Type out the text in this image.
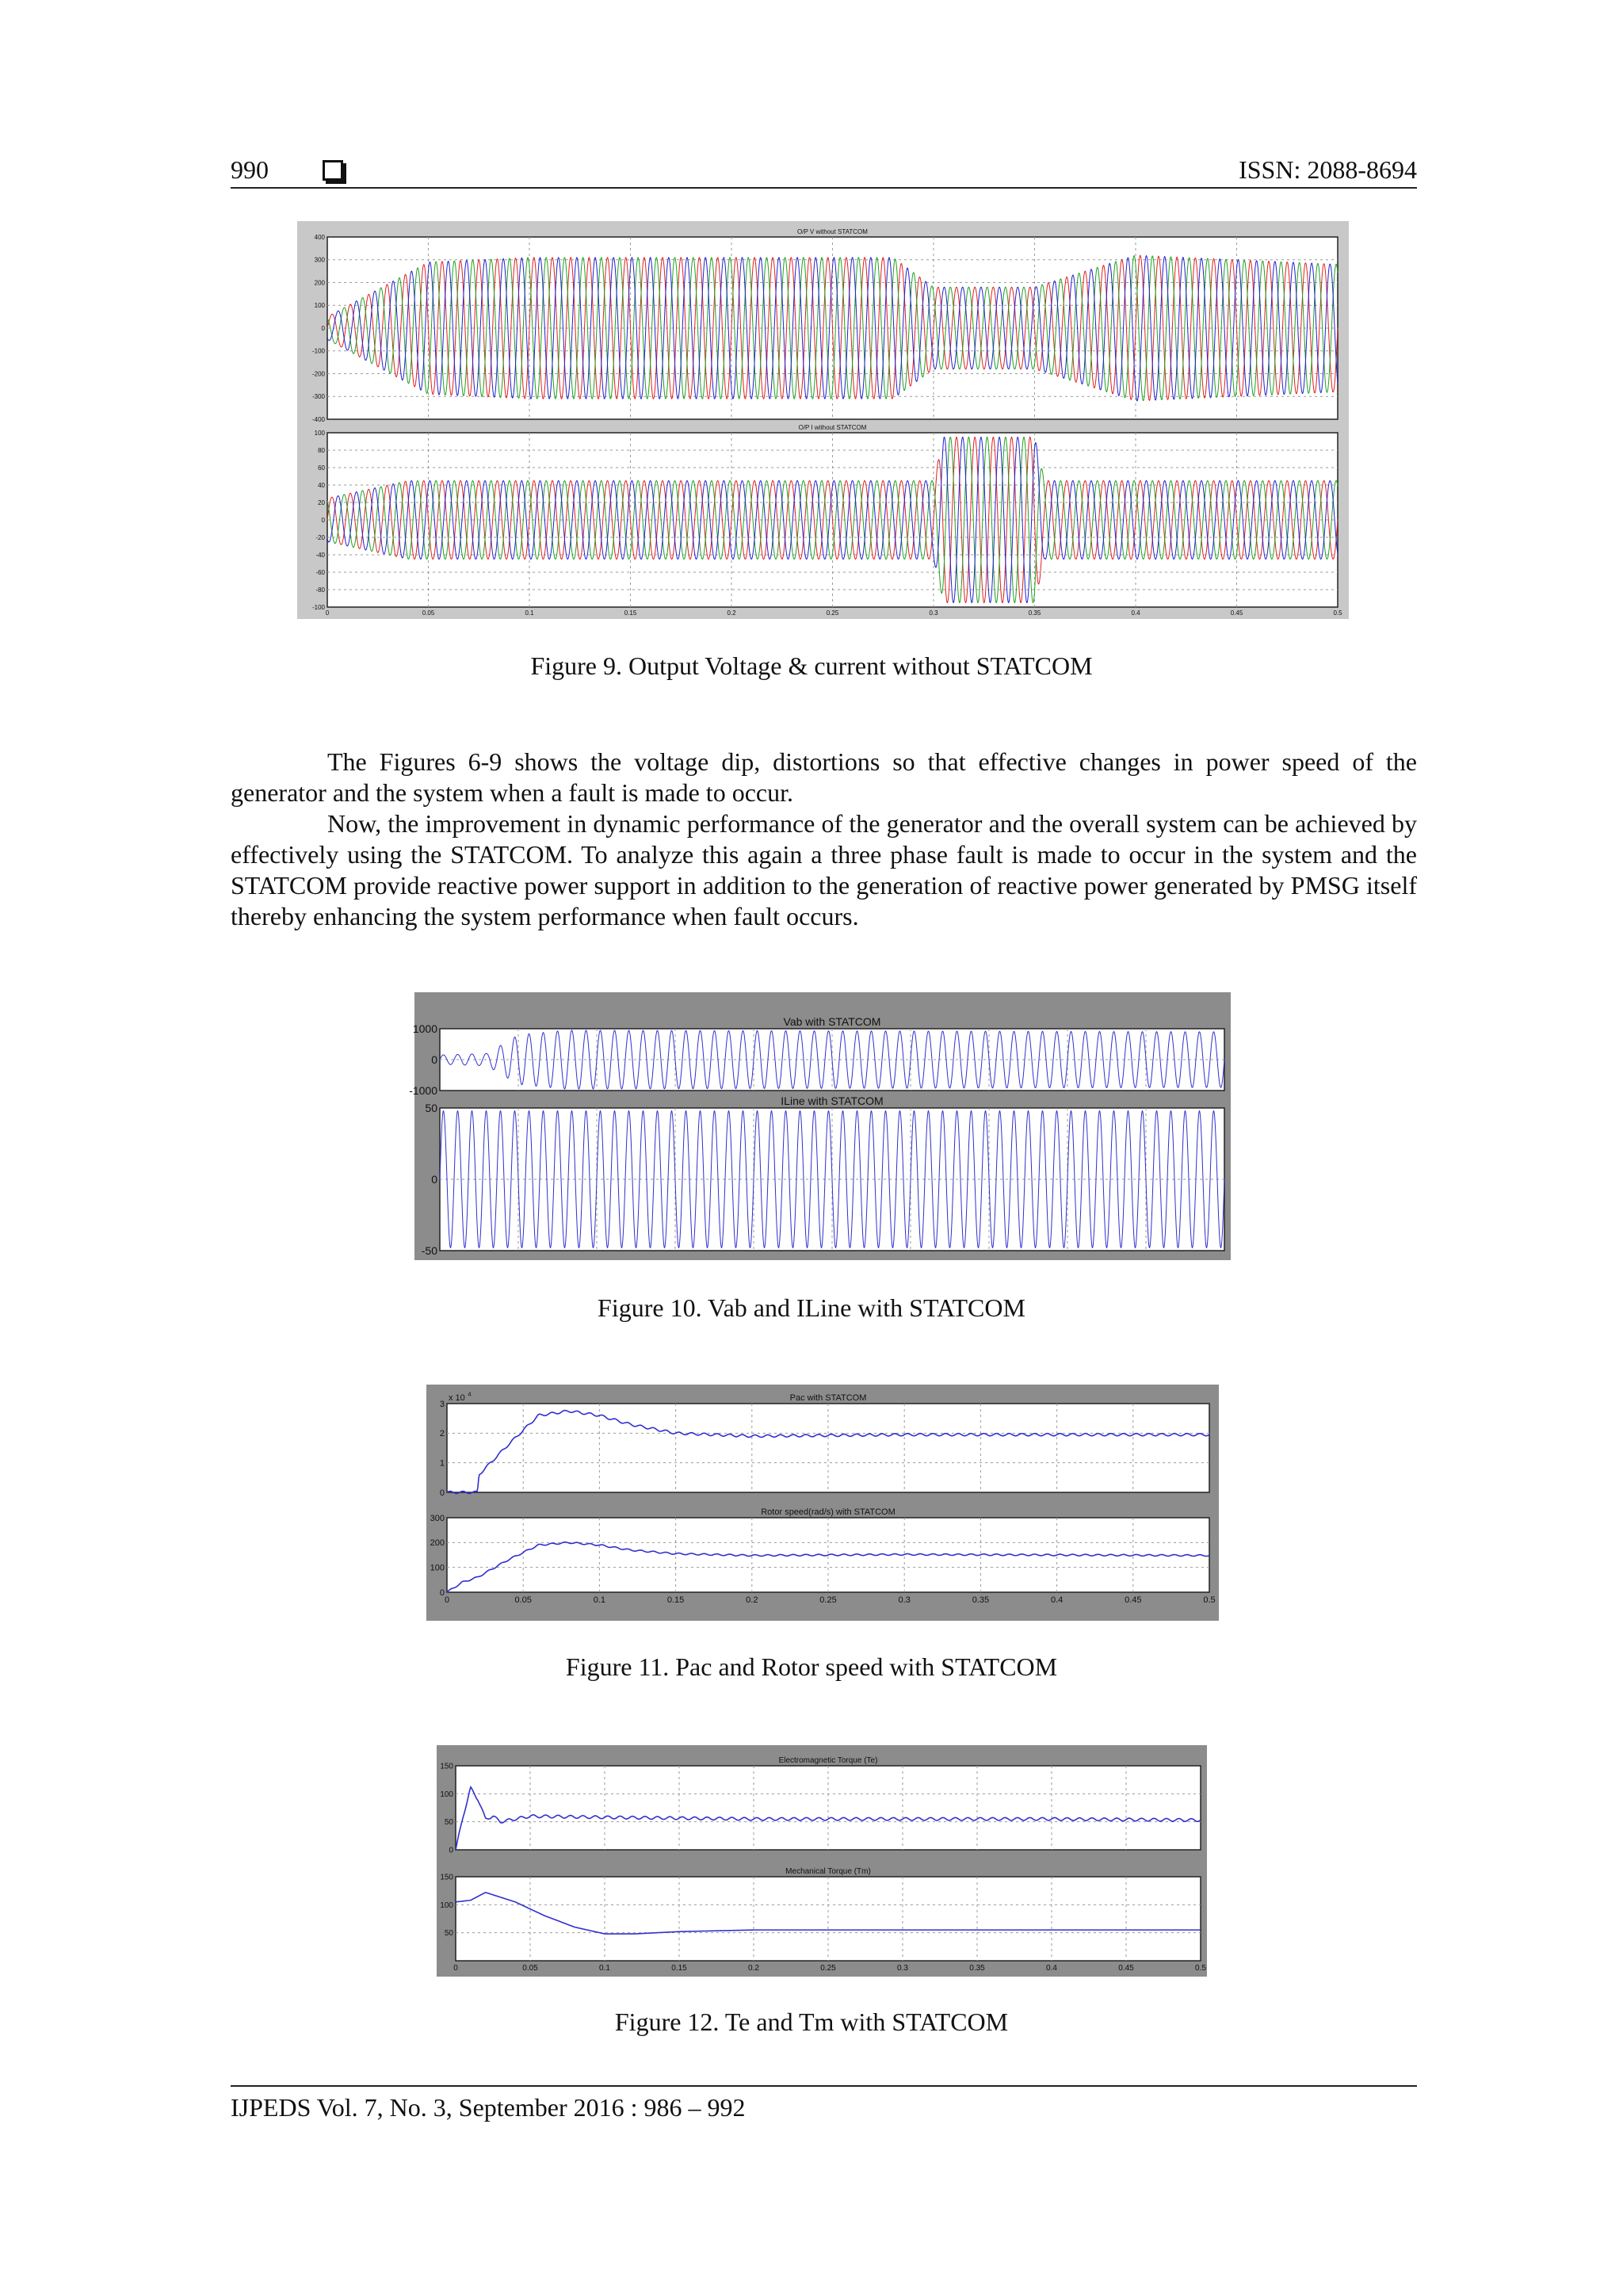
990	ISSN: 2088-8694
400
300
200
100
0
-100
-200
-300
-400
O/P V without STATCOM
100
80
60
40
20
0
-20
-40
-60
-80
-100
O/P I without STATCOM
0	0.05	0.1	0.15	0.2	0.25	0.3	0.35	0.4	0.45	0.5
Figure 9. Output Voltage & current without STATCOM

The Figures 6-9 shows the voltage dip, distortions so that effective changes in power speed of the generator and the system when a fault is made to occur.

Now, the improvement in dynamic performance of the generator and the overall system can be achieved by effectively using the STATCOM. To analyze this again a three phase fault is made to occur in the system and the STATCOM provide reactive power support in addition to the generation of reactive power generated by PMSG itself thereby enhancing the system performance when fault occurs.

1000
0
-1000
Vab with STATCOM
50
0
-50
ILine with STATCOM
Figure 10. Vab and ILine with STATCOM
3
2
1
0
Pac with STATCOM
x 10 4
300
200
100
0
Rotor speed(rad/s) with STATCOM
0	0.05	0.1	0.15	0.2	0.25	0.3	0.35	0.4	0.45	0.5
Figure 11. Pac and Rotor speed with STATCOM
150
100
50
0
Electromagnetic Torque (Te)
150
100
50
Mechanical Torque (Tm)
0	0.05	0.1	0.15	0.2	0.25	0.3	0.35	0.4	0.45	0.5
Figure 12. Te and Tm with STATCOM
IJPEDS Vol. 7, No. 3, September 2016 : 986 – 992
